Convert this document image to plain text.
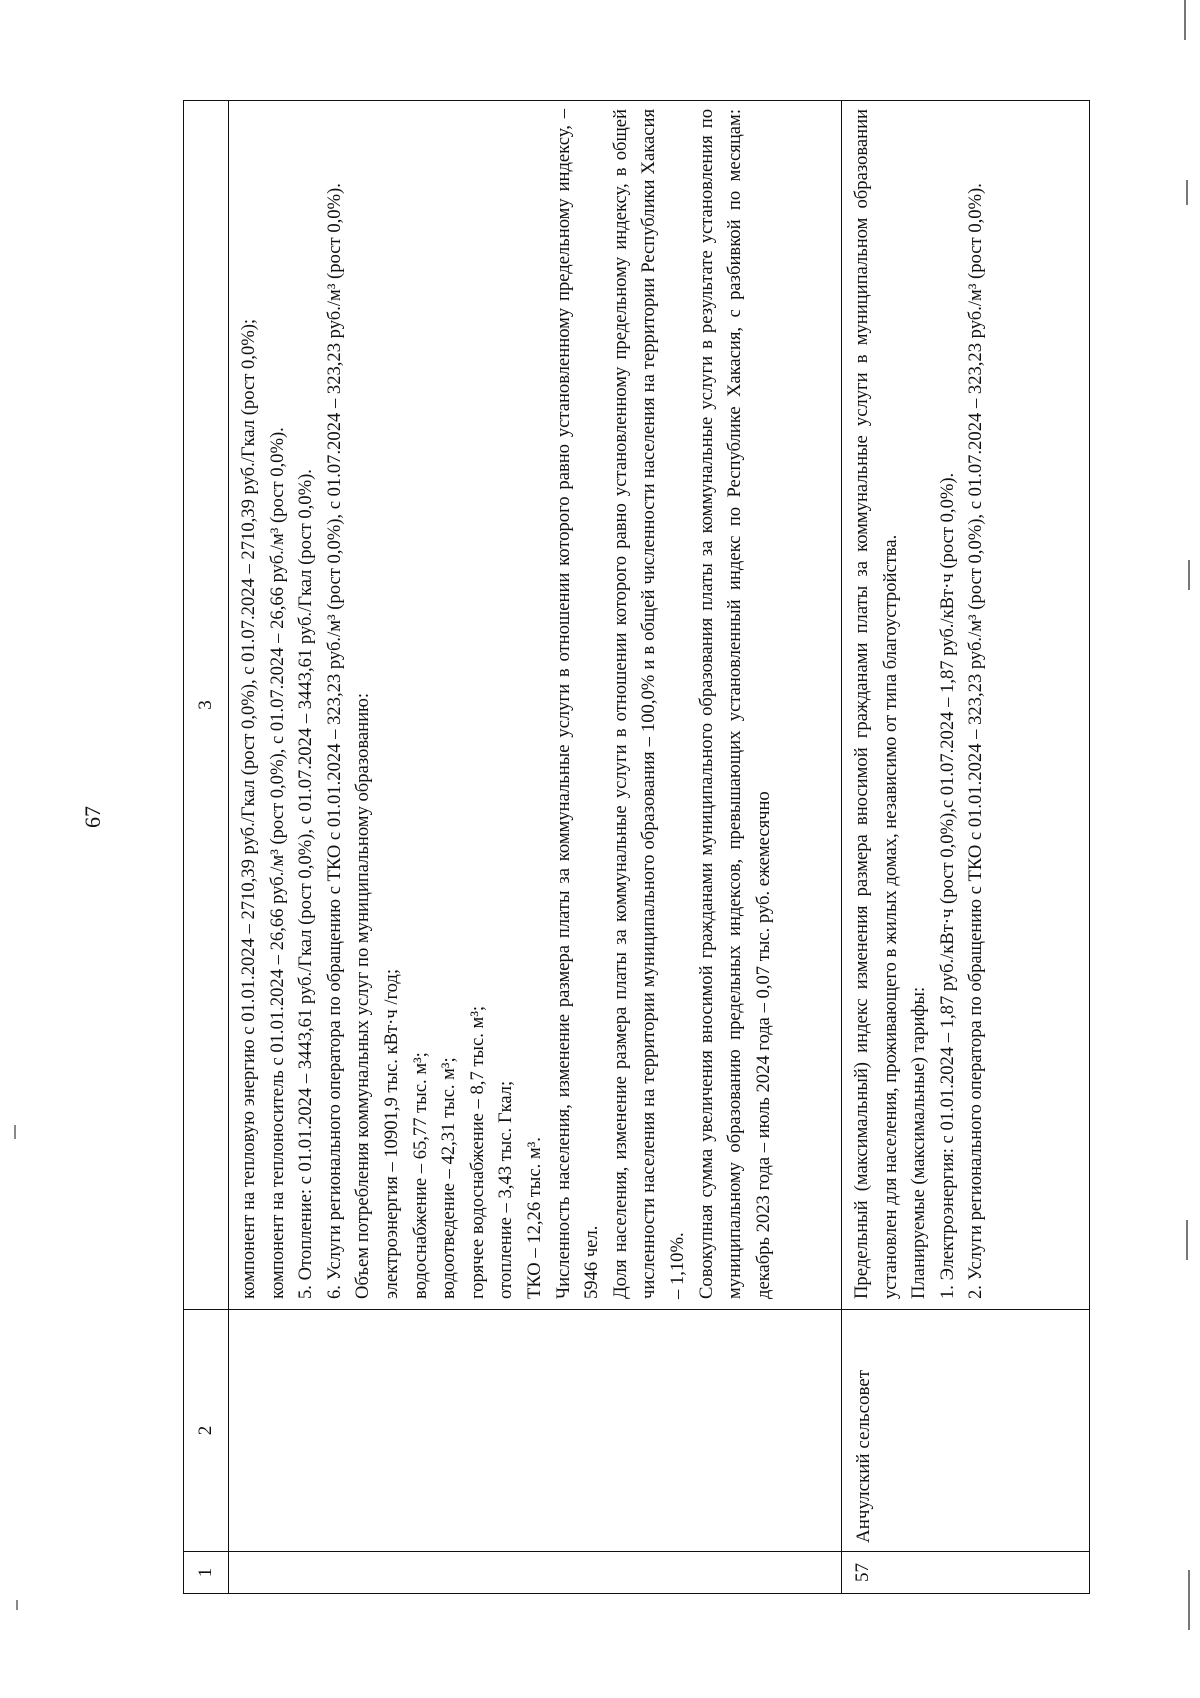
67
1
2
3	компонент на тепловую энергию с 01.01.2024 – 2710,39 руб./Гкал (рост 0,0%), с 01.07.2024 – 2710,39 руб./Гкал (рост 0,0%); компонент на теплоноситель с 01.01.2024 – 26,66 руб./м³ (рост 0,0%), с 01.07.2024 – 26,66 руб./м³ (рост 0,0%). 5. Отопление: с 01.01.2024 – 3443,61 руб./Гкал (рост 0,0%), с 01.07.2024 – 3443,61 руб./Гкал (рост 0,0%). 6. Услуги регионального оператора по обращению с ТКО с 01.01.2024 – 323,23 руб./м³ (рост 0,0%), с 01.07.2024 – 323,23 руб./м³ (рост 0,0%). Объем потребления коммунальных услуг по муниципальному образованию: электроэнергия – 10901,9 тыс. кВт·ч /год; водоснабжение – 65,77 тыс. м³; водоотведение – 42,31 тыс. м³; горячее водоснабжение – 8,7 тыс. м³; отопление – 3,43 тыс. Гкал; ТКО – 12,26 тыс. м³. Численность населения, изменение размера платы за коммунальные услуги в отношении которого равно установленному предельному индексу, – 5946 чел. Доля населения, изменение размера платы за коммунальные услуги в отношении которого равно установленному предельному индексу, в общей численности населения на территории муниципального образования – 100,0% и в общей численности населения на территории Республики Хакасия – 1,10%. Совокупная сумма увеличения вносимой гражданами муниципального образования платы за коммунальные услуги в результате установления по муниципальному образованию предельных индексов, превышающих установленный индекс по Республике Хакасия, с разбивкой по месяцам: декабрь 2023 года – июль 2024 года – 0,07 тыс. руб. ежемесячно

57
Анчулский сельсовет

Предельный (максимальный) индекс изменения размера вносимой гражданами платы за коммунальные услуги в муниципальном образовании установлен для населения, проживающего в жилых домах, независимо от типа благоустройства. Планируемые (максимальные) тарифы: 1. Электроэнергия: с 01.01.2024 – 1,87 руб./кВт·ч (рост 0,0%),с 01.07.2024 – 1,87 руб./кВт·ч (рост 0,0%). 2. Услуги регионального оператора по обращению с ТКО с 01.01.2024 – 323,23 руб./м³ (рост 0,0%), с 01.07.2024 – 323,23 руб./м³ (рост 0,0%).
